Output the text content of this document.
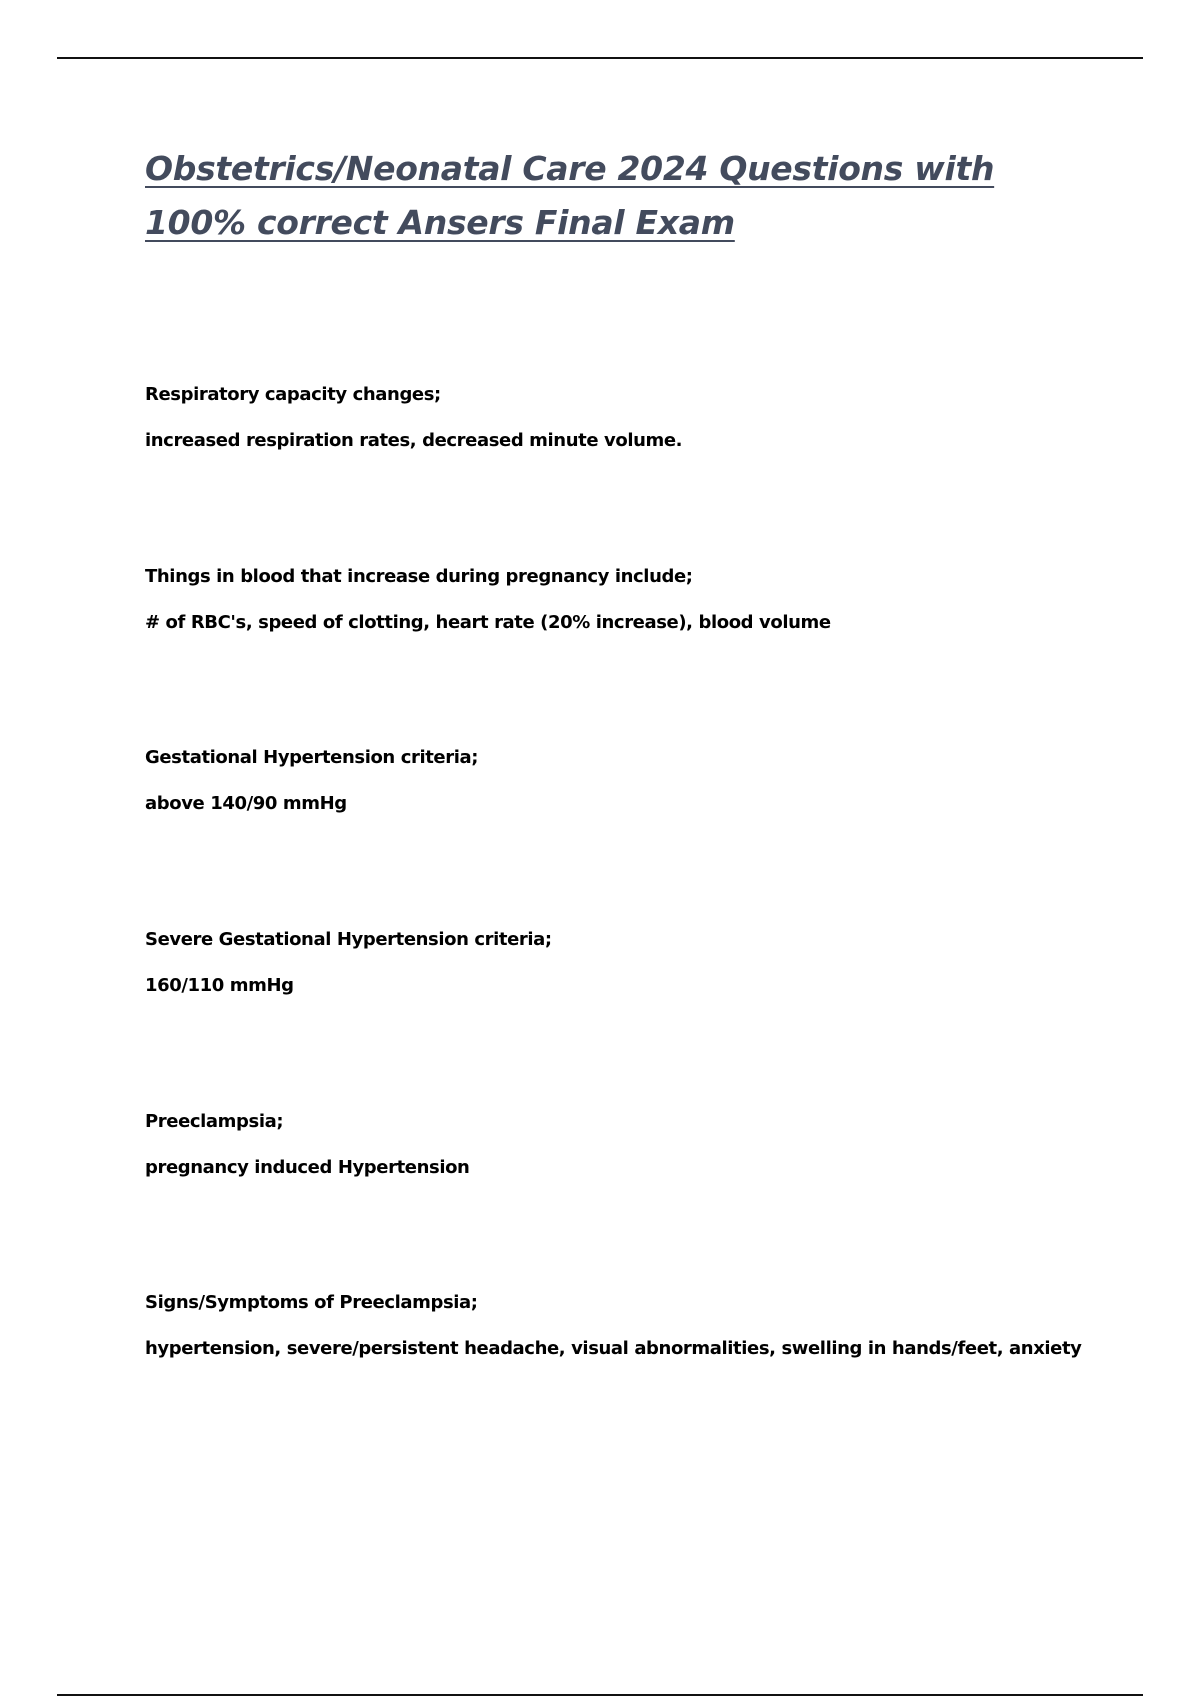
Obstetrics/Neonatal Care 2024 Questions with 100% correct Ansers Final Exam
Respiratory capacity changes;
increased respiration rates, decreased minute volume.
Things in blood that increase during pregnancy include;
# of RBC's, speed of clotting, heart rate (20% increase), blood volume
Gestational Hypertension criteria;
above 140/90 mmHg
Severe Gestational Hypertension criteria;
160/110 mmHg
Preeclampsia;
pregnancy induced Hypertension
Signs/Symptoms of Preeclampsia;
hypertension, severe/persistent headache, visual abnormalities, swelling in hands/feet, anxiety
